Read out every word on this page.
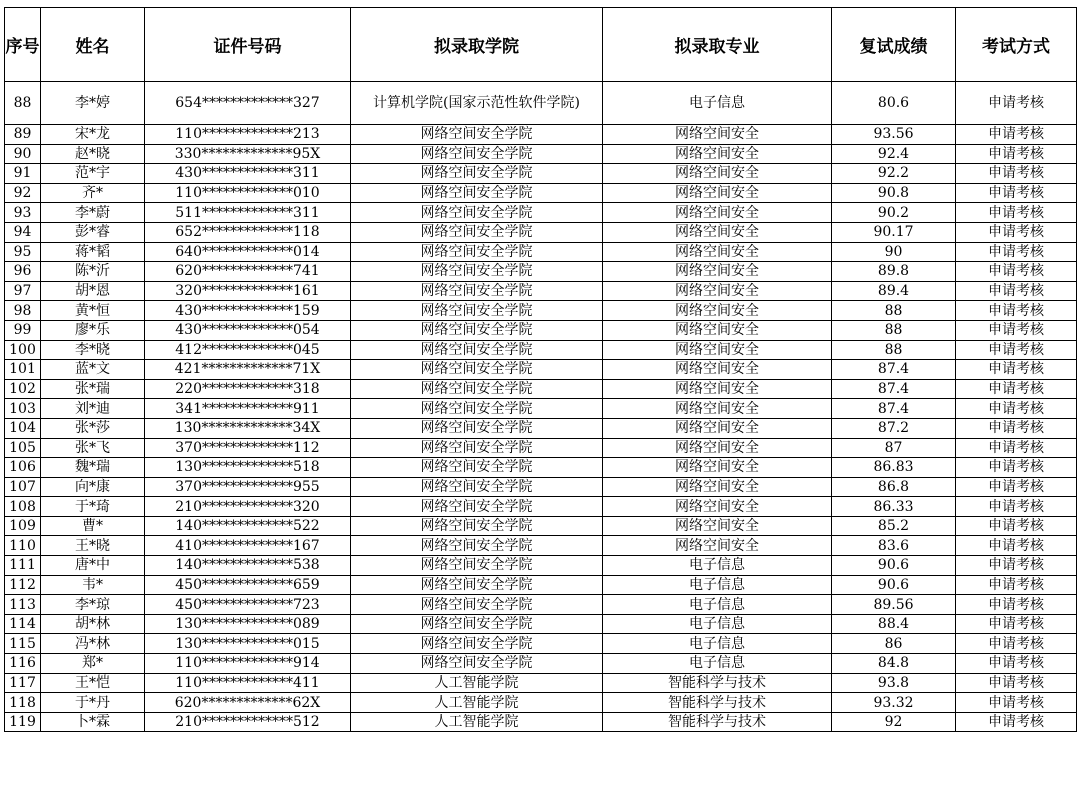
序号	姓名	证件号码	拟录取学院	拟录取专业	复试成绩	考试方式
88	李*婷	654*************327	计算机学院(国家示范性软件学院)	电子信息	80.6	申请考核
89	宋*龙	110*************213	网络空间安全学院	网络空间安全	93.56	申请考核
90	赵*晓	330*************95X	网络空间安全学院	网络空间安全	92.4	申请考核
91	范*宇	430*************311	网络空间安全学院	网络空间安全	92.2	申请考核
92	齐*	110*************010	网络空间安全学院	网络空间安全	90.8	申请考核
93	李*蔚	511*************311	网络空间安全学院	网络空间安全	90.2	申请考核
94	彭*睿	652*************118	网络空间安全学院	网络空间安全	90.17	申请考核
95	蒋*韬	640*************014	网络空间安全学院	网络空间安全	90	申请考核
96	陈*沂	620*************741	网络空间安全学院	网络空间安全	89.8	申请考核
97	胡*恩	320*************161	网络空间安全学院	网络空间安全	89.4	申请考核
98	黄*恒	430*************159	网络空间安全学院	网络空间安全	88	申请考核
99	廖*乐	430*************054	网络空间安全学院	网络空间安全	88	申请考核
100	李*晓	412*************045	网络空间安全学院	网络空间安全	88	申请考核
101	蓝*文	421*************71X	网络空间安全学院	网络空间安全	87.4	申请考核
102	张*瑞	220*************318	网络空间安全学院	网络空间安全	87.4	申请考核
103	刘*迪	341*************911	网络空间安全学院	网络空间安全	87.4	申请考核
104	张*莎	130*************34X	网络空间安全学院	网络空间安全	87.2	申请考核
105	张*飞	370*************112	网络空间安全学院	网络空间安全	87	申请考核
106	魏*瑞	130*************518	网络空间安全学院	网络空间安全	86.83	申请考核
107	向*康	370*************955	网络空间安全学院	网络空间安全	86.8	申请考核
108	于*琦	210*************320	网络空间安全学院	网络空间安全	86.33	申请考核
109	曹*	140*************522	网络空间安全学院	网络空间安全	85.2	申请考核
110	王*晓	410*************167	网络空间安全学院	网络空间安全	83.6	申请考核
111	唐*中	140*************538	网络空间安全学院	电子信息	90.6	申请考核
112	韦*	450*************659	网络空间安全学院	电子信息	90.6	申请考核
113	李*琼	450*************723	网络空间安全学院	电子信息	89.56	申请考核
114	胡*林	130*************089	网络空间安全学院	电子信息	88.4	申请考核
115	冯*林	130*************015	网络空间安全学院	电子信息	86	申请考核
116	郑*	110*************914	网络空间安全学院	电子信息	84.8	申请考核
117	王*恺	110*************411	人工智能学院	智能科学与技术	93.8	申请考核
118	于*丹	620*************62X	人工智能学院	智能科学与技术	93.32	申请考核
119	卜*霖	210*************512	人工智能学院	智能科学与技术	92	申请考核
